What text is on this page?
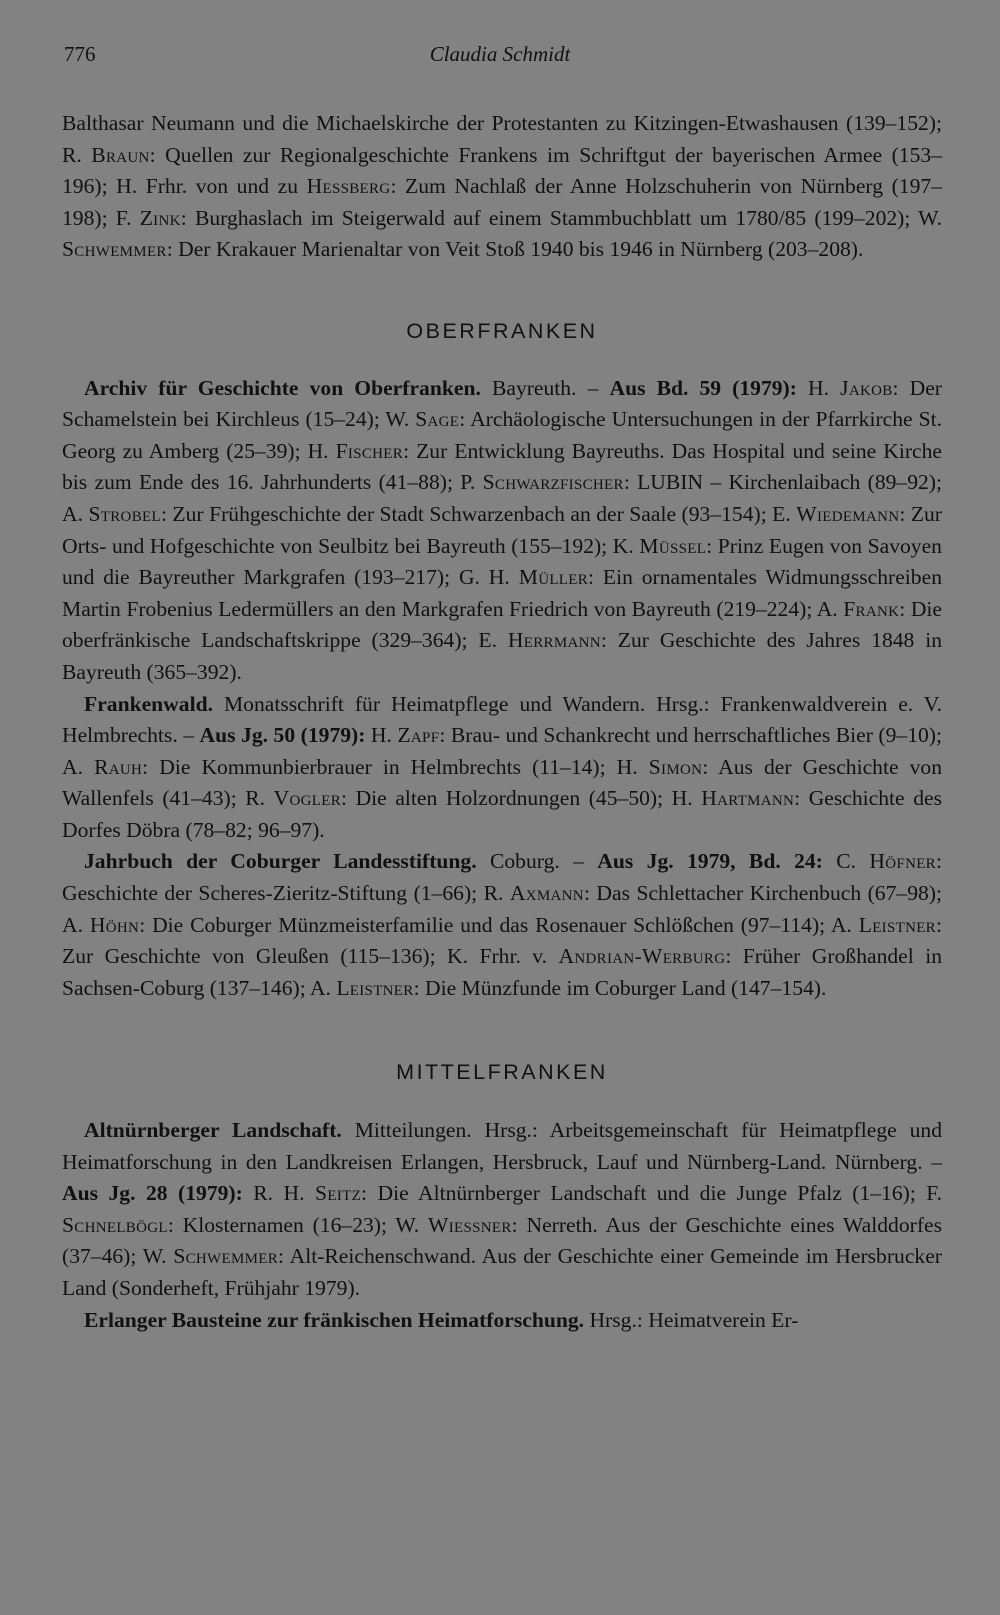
776	Claudia Schmidt

Balthasar Neumann und die Michaelskirche der Protestanten zu Kitzingen-Etwashausen (139–152); R. Braun: Quellen zur Regionalgeschichte Frankens im Schriftgut der bayerischen Armee (153–196); H. Frhr. von und zu Hessberg: Zum Nachlaß der Anne Holzschuherin von Nürnberg (197–198); F. Zink: Burghaslach im Steigerwald auf einem Stammbuchblatt um 1780/85 (199–202); W. Schwemmer: Der Krakauer Marienaltar von Veit Stoß 1940 bis 1946 in Nürnberg (203–208).

OBERFRANKEN

Archiv für Geschichte von Oberfranken. Bayreuth. – Aus Bd. 59 (1979): H. Jakob: Der Schamelstein bei Kirchleus (15–24); W. Sage: Archäologische Untersuchungen in der Pfarrkirche St. Georg zu Amberg (25–39); H. Fischer: Zur Entwicklung Bayreuths. Das Hospital und seine Kirche bis zum Ende des 16. Jahrhunderts (41–88); P. Schwarzfischer: LUBIN – Kirchenlaibach (89–92); A. Strobel: Zur Frühgeschichte der Stadt Schwarzenbach an der Saale (93–154); E. Wiedemann: Zur Orts- und Hofgeschichte von Seulbitz bei Bayreuth (155–192); K. Müssel: Prinz Eugen von Savoyen und die Bayreuther Markgrafen (193–217); G. H. Müller: Ein ornamentales Widmungsschreiben Martin Frobenius Ledermüllers an den Markgrafen Friedrich von Bayreuth (219–224); A. Frank: Die oberfränkische Landschaftskrippe (329–364); E. Herrmann: Zur Geschichte des Jahres 1848 in Bayreuth (365–392).

Frankenwald. Monatsschrift für Heimatpflege und Wandern. Hrsg.: Frankenwaldverein e. V. Helmbrechts. – Aus Jg. 50 (1979): H. Zapf: Brau- und Schankrecht und herrschaftliches Bier (9–10); A. Rauh: Die Kommunbierbrauer in Helmbrechts (11–14); H. Simon: Aus der Geschichte von Wallenfels (41–43); R. Vogler: Die alten Holzordnungen (45–50); H. Hartmann: Geschichte des Dorfes Döbra (78–82; 96–97).

Jahrbuch der Coburger Landesstiftung. Coburg. – Aus Jg. 1979, Bd. 24: C. Höfner: Geschichte der Scheres-Zieritz-Stiftung (1–66); R. Axmann: Das Schlettacher Kirchenbuch (67–98); A. Höhn: Die Coburger Münzmeisterfamilie und das Rosenauer Schlößchen (97–114); A. Leistner: Zur Geschichte von Gleußen (115–136); K. Frhr. v. Andrian-Werburg: Früher Großhandel in Sachsen-Coburg (137–146); A. Leistner: Die Münzfunde im Coburger Land (147–154).

MITTELFRANKEN

Altnürnberger Landschaft. Mitteilungen. Hrsg.: Arbeitsgemeinschaft für Heimatpflege und Heimatforschung in den Landkreisen Erlangen, Hersbruck, Lauf und Nürnberg-Land. Nürnberg. – Aus Jg. 28 (1979): R. H. Seitz: Die Altnürnberger Landschaft und die Junge Pfalz (1–16); F. Schnelbögl: Klosternamen (16–23); W. Wiessner: Nerreth. Aus der Geschichte eines Walddorfes (37–46); W. Schwemmer: Alt-Reichenschwand. Aus der Geschichte einer Gemeinde im Hersbrucker Land (Sonderheft, Frühjahr 1979).

Erlanger Bausteine zur fränkischen Heimatforschung. Hrsg.: Heimatverein Er-
